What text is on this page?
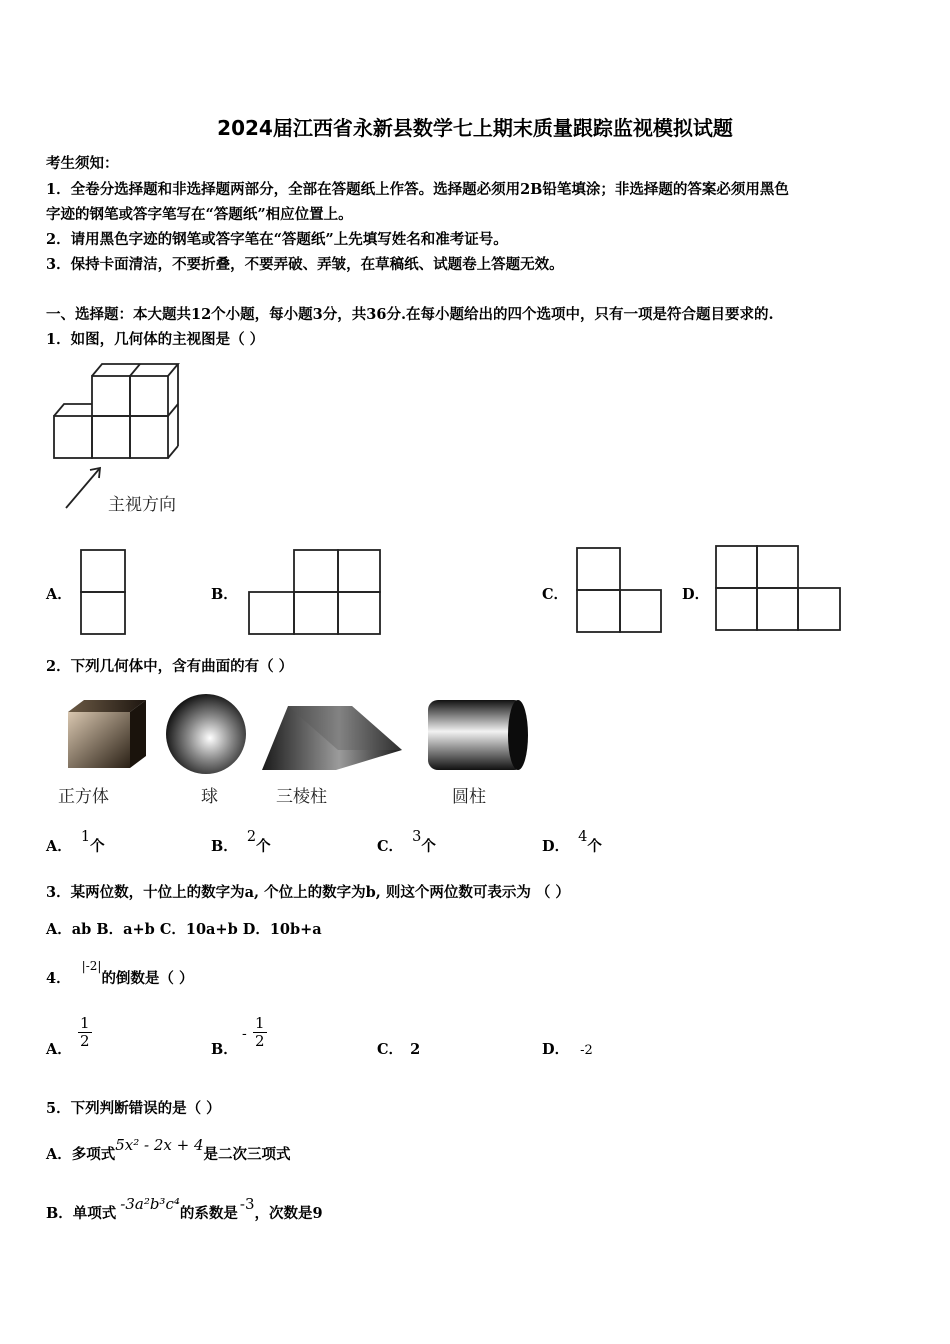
2024届江西省永新县数学七上期末质量跟踪监视模拟试题
考生须知：
1．全卷分选择题和非选择题两部分，全部在答题纸上作答。选择题必须用2B铅笔填涂；非选择题的答案必须用黑色
字迹的钢笔或答字笔写在“答题纸”相应位置上。
2．请用黑色字迹的钢笔或答字笔在“答题纸”上先填写姓名和准考证号。
3．保持卡面清洁，不要折叠，不要弄破、弄皱，在草稿纸、试题卷上答题无效。
一、选择题：本大题共12个小题，每小题3分，共36分.在每小题给出的四个选项中，只有一项是符合题目要求的.
1．如图，几何体的主视图是（ ）
主视方向
A．	B．	C．	D．
2．下列几何体中，含有曲面的有（ ）
正方体	球	三棱柱	圆柱
A． 1个	B． 2个	C． 3个	D． 4个
3．某两位数，十位上的数字为a, 个位上的数字为b, 则这个两位数可表示为 （ ）
A．ab B．a+b C．10a+b D．10b+a
4． $^{|-2|}$的倒数是（ ）
A． $\frac{1}{2}$	B．
- $\frac{1}{2}$	C． 2	D． -2
5．下列判断错误的是（ ）
A．多项式5x² - 2x + 4是二次三项式
B．单项式-3a²b³c⁴的系数是-3，次数是9
